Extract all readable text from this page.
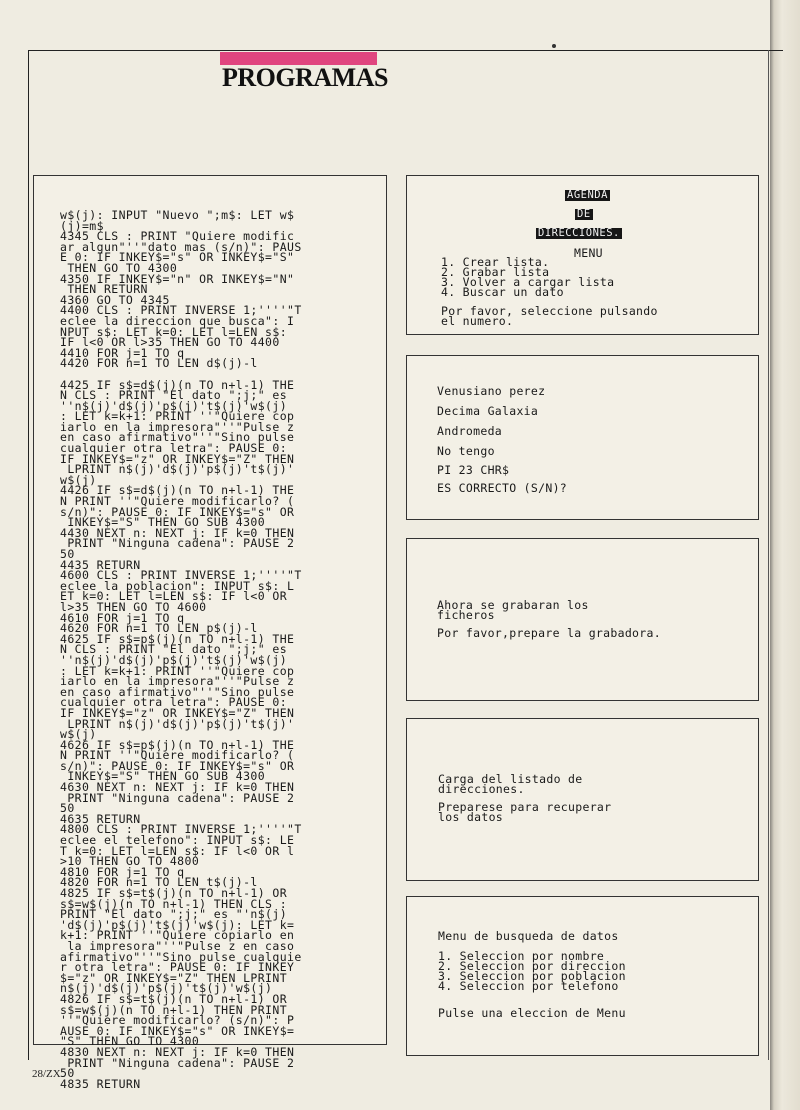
PROGRAMAS
w$(j): INPUT "Nuevo ";m$: LET w$
(j)=m$
4345 CLS : PRINT "Quiere modific
ar algun"''"dato mas (s/n)": PAUS
E 0: IF INKEY$="s" OR INKEY$="S"
THEN GO TO 4300
4350 IF INKEY$="n" OR INKEY$="N"
THEN RETURN
4360 GO TO 4345
4400 CLS : PRINT INVERSE 1;''''"T
eclee la direccion que busca": I
NPUT s$: LET k=0: LET l=LEN s$:
IF l<0 OR l>35 THEN GO TO 4400
4410 FOR j=1 TO q
4420 FOR n=1 TO LEN d$(j)-l

4425 IF s$=d$(j)(n TO n+l-1) THE
N CLS : PRINT "El dato ";j;" es
''n$(j)'d$(j)'p$(j)'t$(j)'w$(j)
: LET k=k+1: PRINT ''"Quiere cop
iarlo en la impresora"''"Pulse z
en caso afirmativo"''"Sino pulse
cualquier otra letra": PAUSE 0:
IF INKEY$="z" OR INKEY$="Z" THEN
LPRINT n$(j)'d$(j)'p$(j)'t$(j)'
w$(j)
4426 IF s$=d$(j)(n TO n+l-1) THE
N PRINT ''"Quiere modificarlo? (
s/n)": PAUSE 0: IF INKEY$="s" OR
INKEY$="S" THEN GO SUB 4300
4430 NEXT n: NEXT j: IF k=0 THEN
PRINT "Ninguna cadena": PAUSE 2
50
4435 RETURN
4600 CLS : PRINT INVERSE 1;''''"T
eclee la poblacion": INPUT s$: L
ET k=0: LET l=LEN s$: IF l<0 OR
l>35 THEN GO TO 4600
4610 FOR j=1 TO q
4620 FOR n=1 TO LEN p$(j)-l
4625 IF s$=p$(j)(n TO n+l-1) THE
N CLS : PRINT "El dato ";j;" es
''n$(j)'d$(j)'p$(j)'t$(j)'w$(j)
: LET k=k+1: PRINT ''"Quiere cop
iarlo en la impresora"''"Pulse z
en caso afirmativo"''"Sino pulse
cualquier otra letra": PAUSE 0:
IF INKEY$="z" OR INKEY$="Z" THEN
LPRINT n$(j)'d$(j)'p$(j)'t$(j)'
w$(j)
4626 IF s$=p$(j)(n TO n+l-1) THE
N PRINT ''"Quiere modificarlo? (
s/n)": PAUSE 0: IF INKEY$="s" OR
INKEY$="S" THEN GO SUB 4300
4630 NEXT n: NEXT j: IF k=0 THEN
PRINT "Ninguna cadena": PAUSE 2
50
4635 RETURN
4800 CLS : PRINT INVERSE 1;''''"T
eclee el telefono": INPUT s$: LE
T k=0: LET l=LEN s$: IF l<0 OR l
>10 THEN GO TO 4800
4810 FOR j=1 TO q
4820 FOR n=1 TO LEN t$(j)-l
4825 IF s$=t$(j)(n TO n+l-1) OR
s$=w$(j)(n TO n+l-1) THEN CLS :
PRINT "El dato ";j;" es "'n$(j)
'd$(j)'p$(j)'t$(j)'w$(j): LET k=
k+1: PRINT ''"Quiere copiarlo en
la impresora"''"Pulse z en caso
afirmativo"''"Sino pulse cualquie
r otra letra": PAUSE 0: IF INKEY
$="z" OR INKEY$="Z" THEN LPRINT
n$(j)'d$(j)'p$(j)'t$(j)'w$(j)
4826 IF s$=t$(j)(n TO n+l-1) OR
s$=w$(j)(n TO n+l-1) THEN PRINT
''"Quiere modificarlo? (s/n)": P
AUSE 0: IF INKEY$="s" OR INKEY$=
"S" THEN GO TO 4300
4830 NEXT n: NEXT j: IF k=0 THEN
PRINT "Ninguna cadena": PAUSE 2
50
4835 RETURN
AGENDA
DE
DIRECCIONES.
MENU
1. Crear lista.
2. Grabar lista
3. Volver a cargar lista
4. Buscar un dato
Por favor, seleccione pulsando
el numero.
Venusiano perez
Decima Galaxia
Andromeda
No tengo
PI 23 CHR$
ES CORRECTO (S/N)?
Ahora se grabaran los
ficheros
Por favor,prepare la grabadora.
Carga del listado de
direcciones.
Preparese para recuperar
los datos
Menu de busqueda de datos
1. Seleccion por nombre
2. Seleccion por direccion
3. Seleccion por poblacion
4. Seleccion por telefono
Pulse una eleccion de Menu
28/ZX
